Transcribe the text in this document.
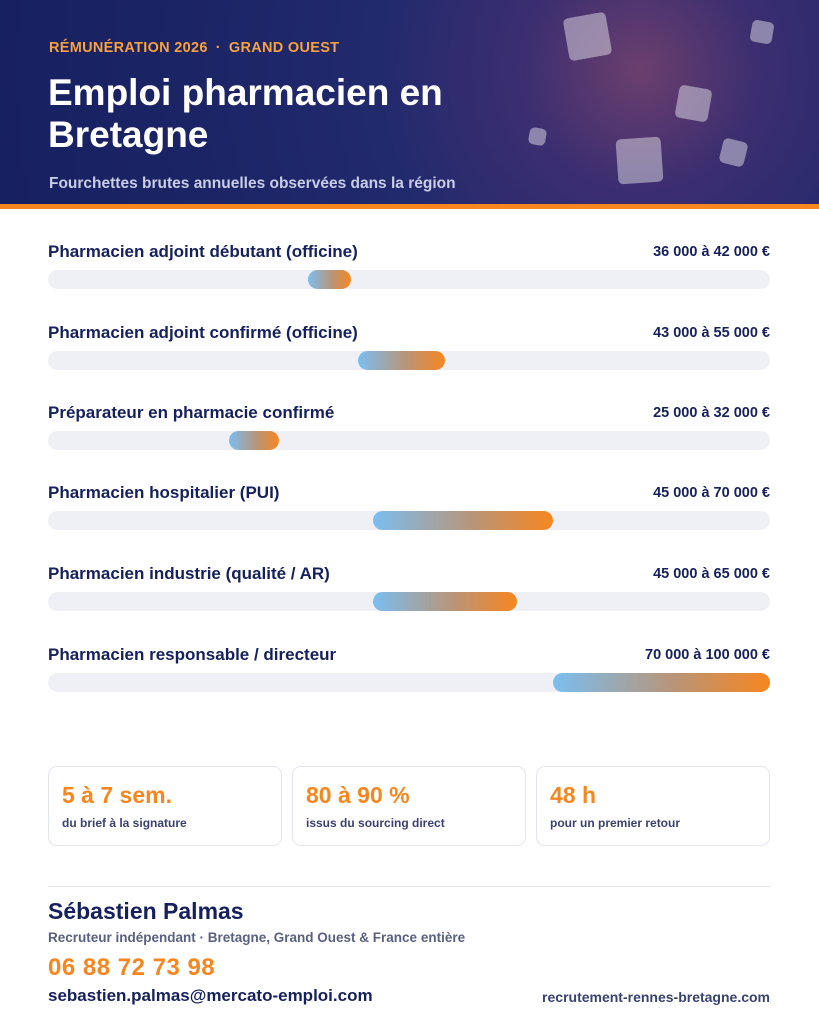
RÉMUNÉRATION 2026 · GRAND OUEST
Emploi pharmacien en Bretagne
Fourchettes brutes annuelles observées dans la région
Pharmacien adjoint débutant (officine)	36 000 à 42 000 €
Pharmacien adjoint confirmé (officine)	43 000 à 55 000 €
Préparateur en pharmacie confirmé	25 000 à 32 000 €
Pharmacien hospitalier (PUI)	45 000 à 70 000 €
Pharmacien industrie (qualité / AR)	45 000 à 65 000 €
Pharmacien responsable / directeur	70 000 à 100 000 €
5 à 7 sem.
du brief à la signature
80 à 90 %
issus du sourcing direct
48 h
pour un premier retour
Sébastien Palmas
Recruteur indépendant · Bretagne, Grand Ouest & France entière
06 88 72 73 98
sebastien.palmas@mercato-emploi.com	recrutement-rennes-bretagne.com
